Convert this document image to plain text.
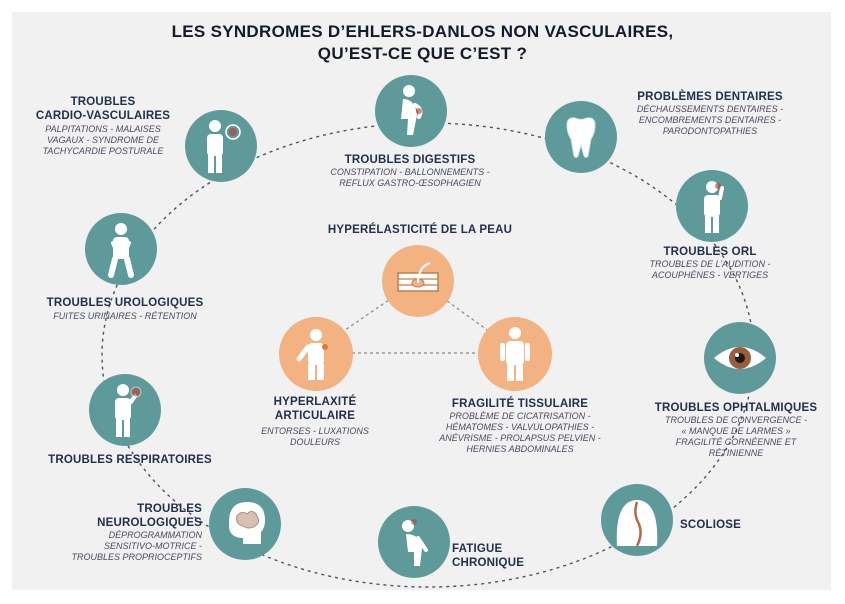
LES SYNDROMES D’EHLERS-DANLOS NON VASCULAIRES,
QU’EST-CE QUE C’EST ?
HYPERÉLASTICITÉ DE LA PEAU
HYPERLAXITÉ
ARTICULAIRE
ENTORSES - LUXATIONS
DOULEURS
FRAGILITÉ TISSULAIRE
PROBLÈME DE CICATRISATION -
HÉMATOMES - VALVULOPATHIES -
ANÉVRISME - PROLAPSUS PELVIEN -
HERNIES ABDOMINALES
TROUBLES DIGESTIFS
CONSTIPATION - BALLONNEMENTS -
REFLUX GASTRO-ŒSOPHAGIEN
PROBLÈMES DENTAIRES
DÉCHAUSSEMENTS DENTAIRES -
ENCOMBREMENTS DENTAIRES -
PARODONTOPATHIES
TROUBLES ORL
TROUBLES DE L’AUDITION -
ACOUPHÈNES - VERTIGES
TROUBLES OPHTALMIQUES
TROUBLES DE CONVERGENCE -
« MANQUE DE LARMES »
FRAGILITÉ CORNÉENNE ET
RÉTINIENNE
SCOLIOSE
FATIGUE
CHRONIQUE
TROUBLES
NEUROLOGIQUES
DÉPROGRAMMATION
SENSITIVO-MOTRICE -
TROUBLES PROPRIOCEPTIFS
TROUBLES RESPIRATOIRES
TROUBLES UROLOGIQUES
FUITES URINAIRES - RÉTENTION
TROUBLES
CARDIO-VASCULAIRES
PALPITATIONS - MALAISES
VAGAUX - SYNDROME DE
TACHYCARDIE POSTURALE
